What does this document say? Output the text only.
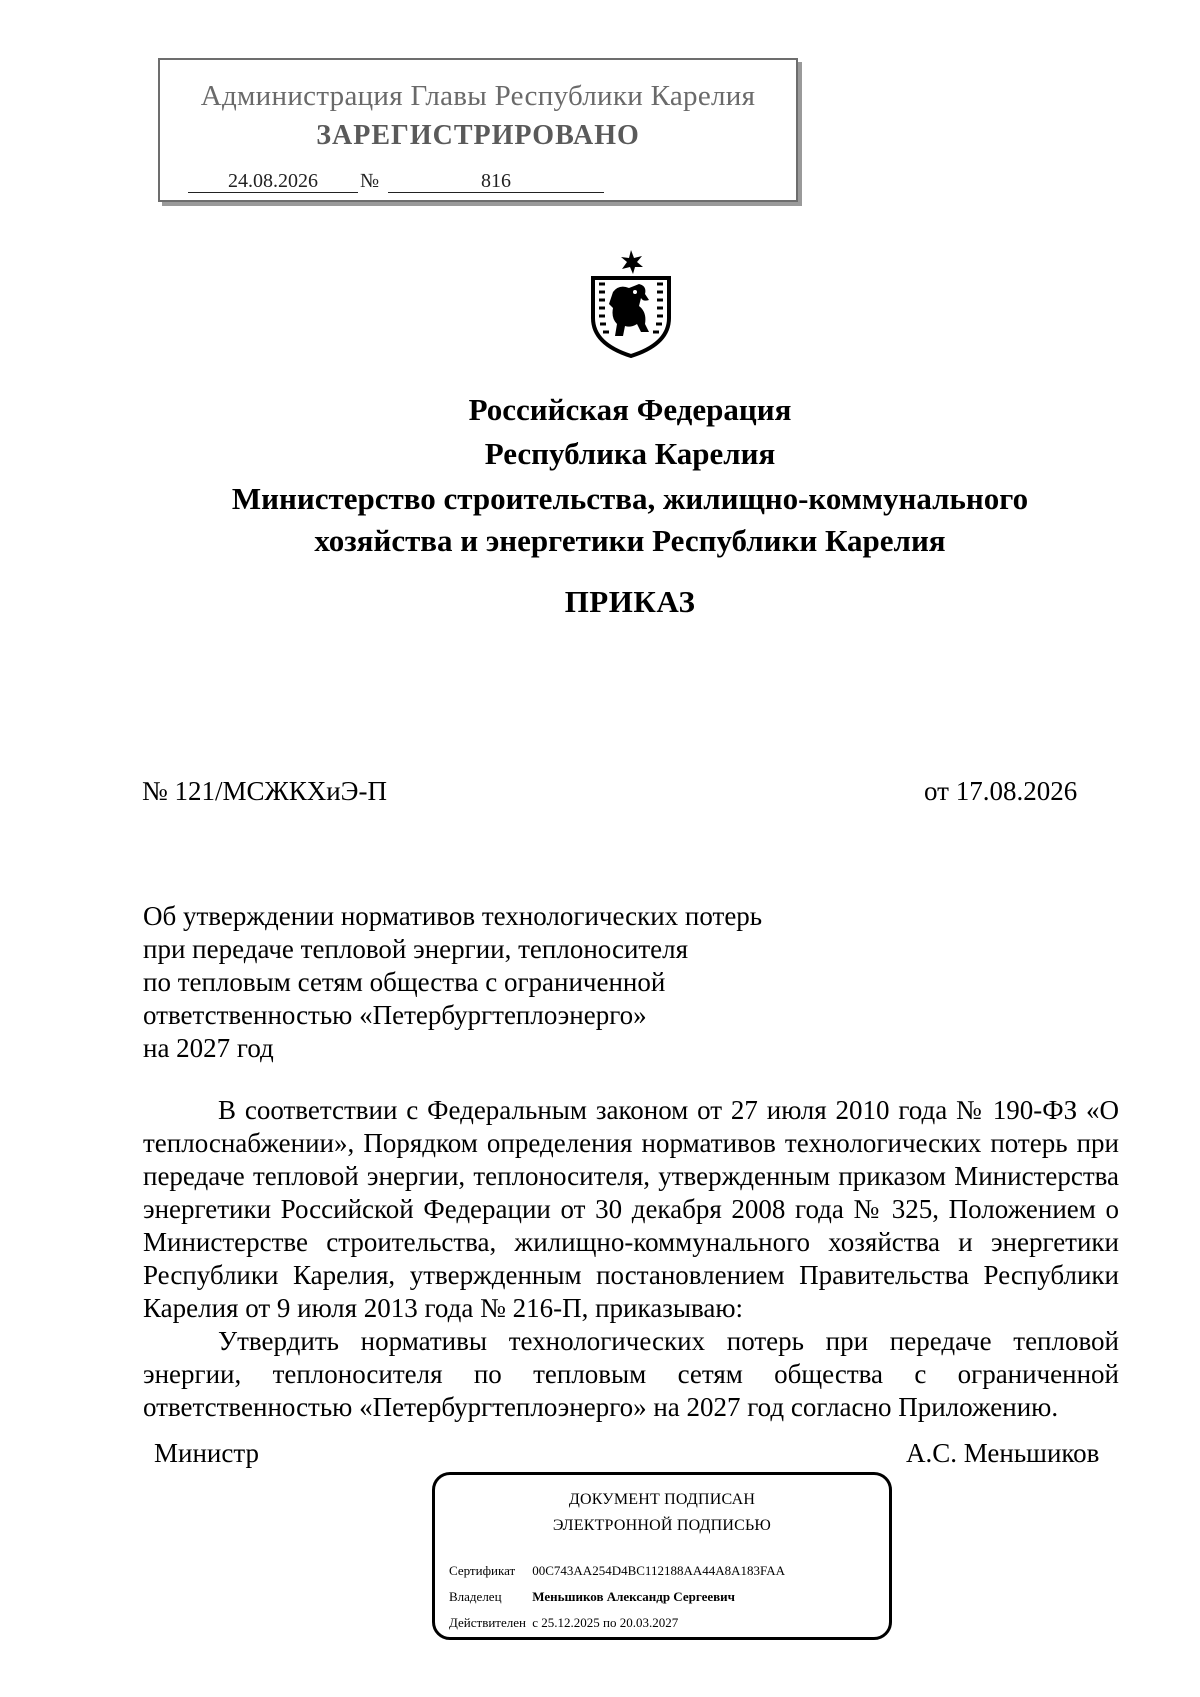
Администрация Главы Республики Карелия
ЗАРЕГИСТРИРОВАНО
24.08.2026	№	816
Российская Федерация
Республика Карелия
Министерство строительства, жилищно-коммунального
хозяйства и энергетики Республики Карелия
ПРИКАЗ
№ 121/МСЖКХиЭ-П	от 17.08.2026
Об утверждении нормативов технологических потерь
при передаче тепловой энергии, теплоносителя
по тепловым сетям общества с ограниченной
ответственностью «Петербургтеплоэнерго»
на 2027 год

В соответствии с Федеральным законом от 27 июля 2010 года № 190-ФЗ «О теплоснабжении», Порядком определения нормативов технологических потерь при передаче тепловой энергии, теплоносителя, утвержденным приказом Министерства энергетики Российской Федерации от 30 декабря 2008 года № 325, Положением о Министерстве строительства, жилищно-коммунального хозяйства и энергетики Республики Карелия, утвержденным постановлением Правительства Республики Карелия от 9 июля 2013 года № 216-П, приказываю:

Утвердить нормативы технологических потерь при передаче тепловой энергии, теплоносителя по тепловым сетям общества с ограниченной ответственностью «Петербургтеплоэнерго» на 2027 год согласно Приложению.

Министр	А.С. Меньшиков
ДОКУМЕНТ ПОДПИСАН
ЭЛЕКТРОННОЙ ПОДПИСЬЮ
Сертификат 00C743AA254D4BC112188AA44A8A183FAA
Владелец Меньшиков Александр Сергеевич
Действителен с 25.12.2025 по 20.03.2027
